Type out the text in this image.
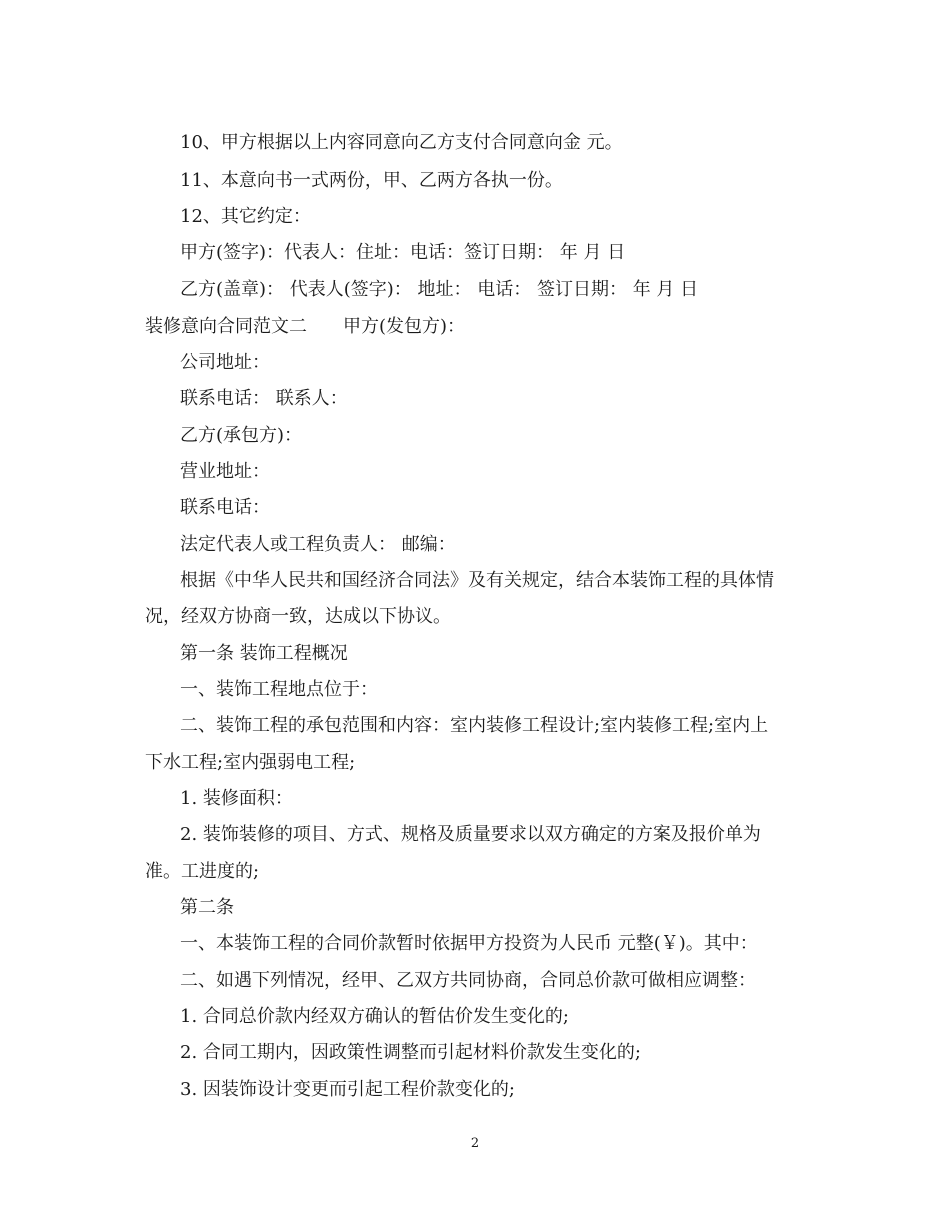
10、甲方根据以上内容同意向乙方支付合同意向金 元。
11、本意向书一式两份，甲、乙两方各执一份。
12、其它约定：
甲方(签字)：代表人：住址：电话：签订日期： 年 月 日
乙方(盖章)： 代表人(签字)： 地址： 电话： 签订日期： 年 月 日
装修意向合同范文二　　甲方(发包方)：
公司地址：
联系电话： 联系人：
乙方(承包方)：
营业地址：
联系电话：
法定代表人或工程负责人： 邮编：
根据《中华人民共和国经济合同法》及有关规定，结合本装饰工程的具体情
况，经双方协商一致，达成以下协议。
第一条 装饰工程概况
一、装饰工程地点位于：
二、装饰工程的承包范围和内容：室内装修工程设计;室内装修工程;室内上
下水工程;室内强弱电工程;
1. 装修面积：
2. 装饰装修的项目、方式、规格及质量要求以双方确定的方案及报价单为
准。工进度的;
第二条
一、本装饰工程的合同价款暂时依据甲方投资为人民币 元整(￥)。其中：
二、如遇下列情况，经甲、乙双方共同协商，合同总价款可做相应调整：
1. 合同总价款内经双方确认的暂估价发生变化的;
2. 合同工期内，因政策性调整而引起材料价款发生变化的;
3. 因装饰设计变更而引起工程价款变化的;
2
